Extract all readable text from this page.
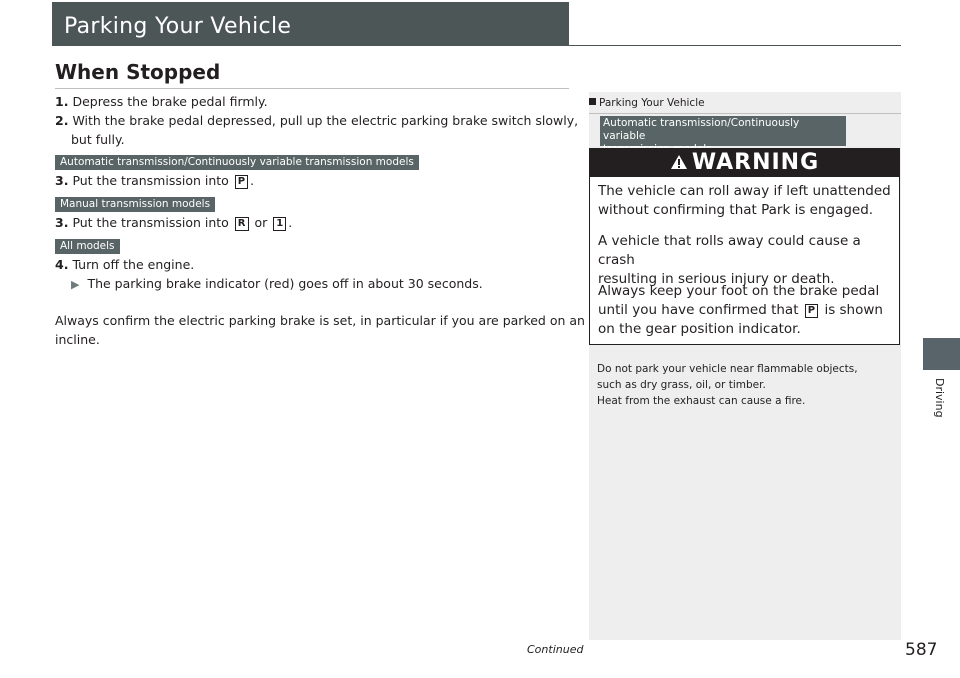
Parking Your Vehicle
When Stopped
1. Depress the brake pedal firmly.
2. With the brake pedal depressed, pull up the electric parking brake switch slowly,
but fully.
Automatic transmission/Continuously variable transmission models
3. Put the transmission into P .
Manual transmission models
3. Put the transmission into R or 1 .
All models
4. Turn off the engine.
▶ The parking brake indicator (red) goes off in about 30 seconds.
Always confirm the electric parking brake is set, in particular if you are parked on an
incline.
Parking Your Vehicle
Automatic transmission/Continuously variable
WARNING
The vehicle can roll away if left unattended
without confirming that Park is engaged.
A vehicle that rolls away could cause a crash
resulting in serious injury or death.
Always keep your foot on the brake pedal
until you have confirmed that P is shown
on the gear position indicator.
Do not park your vehicle near flammable objects,
such as dry grass, oil, or timber.
Heat from the exhaust can cause a fire.	Driving
Continued	587
